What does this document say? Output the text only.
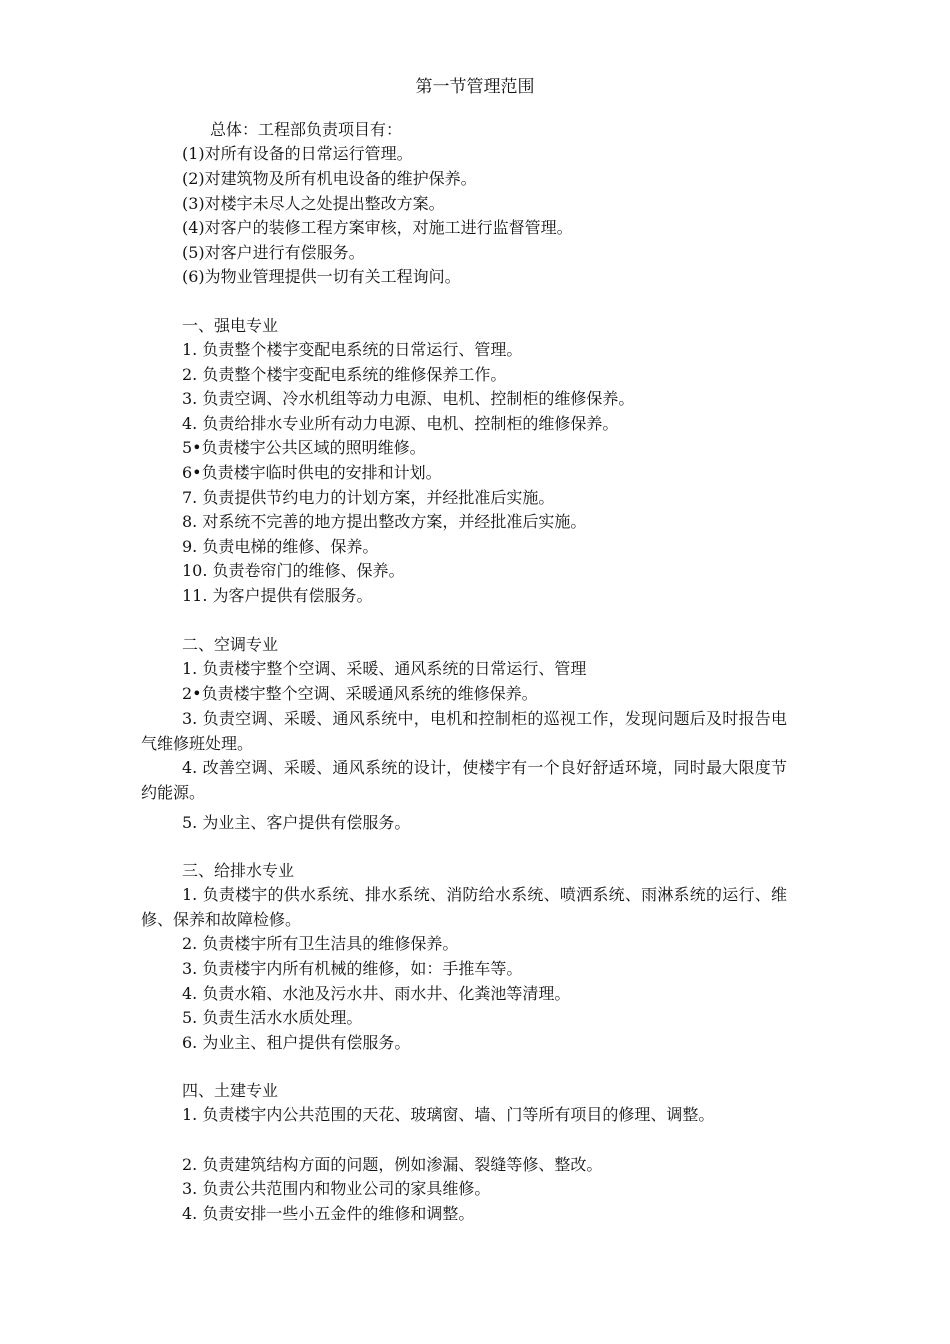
第一节管理范围
总体：工程部负责项目有：
(1)对所有设备的日常运行管理。
(2)对建筑物及所有机电设备的维护保养。
(3)对楼宇未尽人之处提出整改方案。
(4)对客户的装修工程方案审核，对施工进行监督管理。
(5)对客户进行有偿服务。
(6)为物业管理提供一切有关工程询问。
一、强电专业
1. 负责整个楼宇变配电系统的日常运行、管理。
2. 负责整个楼宇变配电系统的维修保养工作。
3. 负责空调、冷水机组等动力电源、电机、控制柜的维修保养。
4. 负责给排水专业所有动力电源、电机、控制柜的维修保养。
5•负责楼宇公共区域的照明维修。
6•负责楼宇临时供电的安排和计划。
7. 负责提供节约电力的计划方案，并经批准后实施。
8. 对系统不完善的地方提出整改方案，并经批准后实施。
9. 负责电梯的维修、保养。
10. 负责卷帘门的维修、保养。
11. 为客户提供有偿服务。
二、空调专业
1. 负责楼宇整个空调、采暖、通风系统的日常运行、管理
2•负责楼宇整个空调、采暖通风系统的维修保养。
3. 负责空调、采暖、通风系统中，电机和控制柜的巡视工作，发现问题后及时报告电气维修班处理。
4. 改善空调、采暖、通风系统的设计，使楼宇有一个良好舒适环境，同时最大限度节约能源。
5. 为业主、客户提供有偿服务。
三、给排水专业
1. 负责楼宇的供水系统、排水系统、消防给水系统、喷洒系统、雨淋系统的运行、维修、保养和故障检修。
2. 负责楼宇所有卫生洁具的维修保养。
3. 负责楼宇内所有机械的维修，如：手推车等。
4. 负责水箱、水池及污水井、雨水井、化粪池等清理。
5. 负责生活水水质处理。
6. 为业主、租户提供有偿服务。
四、土建专业
1. 负责楼宇内公共范围的天花、玻璃窗、墙、门等所有项目的修理、调整。
2. 负责建筑结构方面的问题，例如渗漏、裂缝等修、整改。
3. 负责公共范围内和物业公司的家具维修。
4. 负责安排一些小五金件的维修和调整。
